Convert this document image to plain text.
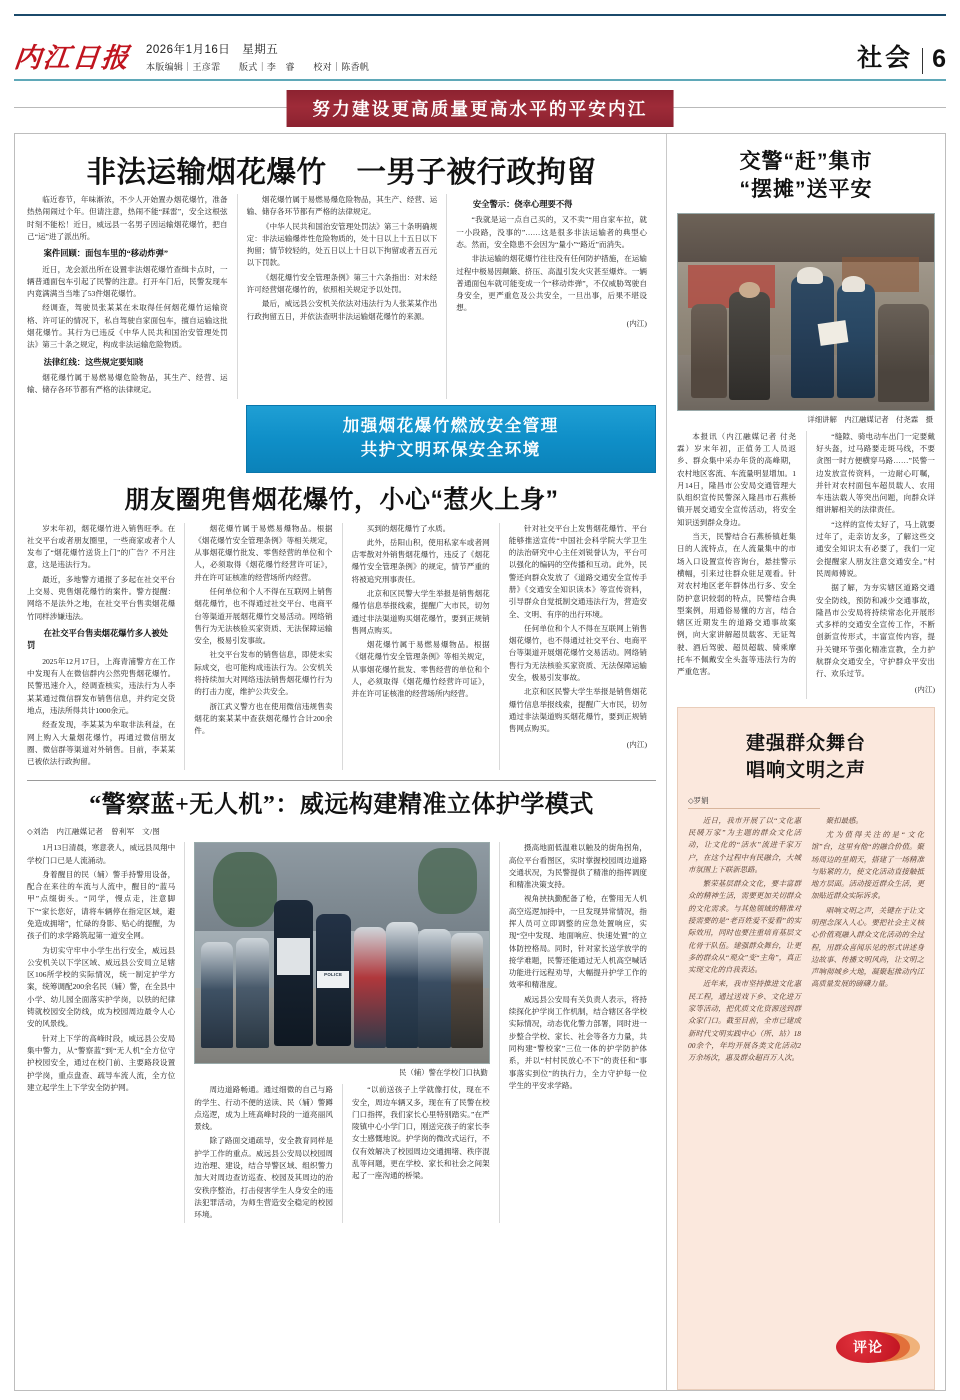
内江日报 2026年1月16日　星期五
本版编辑｜王彦霏　　版式｜李　睿　　校对｜陈香帆	社会 6
努力建设更高质量更高水平的平安内江
非法运输烟花爆竹　一男子被行政拘留

临近春节，年味渐浓，不少人开始置办烟花爆竹，准备热热闹闹过个年。但请注意，热闹不能“踩雷”，安全这根弦时刻不能松！近日，威远县一名男子因运输烟花爆竹，把自己“运”进了派出所。

案件回顾：面包车里的“移动炸弹”

近日，龙会派出所在设置非法烟花爆竹查缉卡点时，一辆普通面包车引起了民警的注意。打开车门后，民警发现车内竟满满当当堆了53件烟花爆竹。

经调查，驾驶员张某某在未取得任何烟花爆竹运输资格、许可证的情况下，私自驾驶自家面包车，擅自运输这批烟花爆竹。其行为已违反《中华人民共和国治安管理处罚法》第三十条之规定，构成非法运输危险物质。

法律红线：这些规定要知晓

烟花爆竹属于易燃易爆危险物品，其生产、经营、运输、储存各环节都有严格的法律规定。

烟花爆竹属于易燃易爆危险物品，其生产、经营、运输、储存各环节都有严格的法律规定。

《中华人民共和国治安管理处罚法》第三十条明确规定：非法运输爆炸性危险物质的，处十日以上十五日以下拘留；情节较轻的，处五日以上十日以下拘留或者五百元以下罚款。

《烟花爆竹安全管理条例》第三十六条指出：对未经许可经营烟花爆竹的，依照相关规定予以处罚。

最后，威远县公安机关依法对违法行为人张某某作出行政拘留五日，并依法查明非法运输烟花爆竹的来源。

安全警示：侥幸心理要不得

“我就是运一点自己买的，又不卖”“用自家车拉，就一小段路，没事的”……这是很多非法运输者的典型心态。然而，安全隐患不会因为“量小”“路近”而消失。

非法运输的烟花爆竹往往没有任何防护措施，在运输过程中极易因颠簸、挤压、高温引发火灾甚至爆炸。一辆普通面包车就可能变成一个“移动炸弹”，不仅威胁驾驶自身安全，更严重危及公共安全，一旦出事，后果不堪设想。

(内江)

加强烟花爆竹燃放安全管理
共护文明环保安全环境
朋友圈兜售烟花爆竹，小心“惹火上身”

岁末年初，烟花爆竹进入销售旺季。在社交平台或者朋友圈里，一些商家或者个人发布了“烟花爆竹送货上门”的广告？不月注意，这是违法行为。

最近，多地警方通报了多起在社交平台上交易、兜售烟花爆竹的案件。警方提醒：网络不是法外之地，在社交平台售卖烟花爆竹同样涉嫌违法。

在社交平台售卖烟花爆竹多人被处罚

2025年12月17日，上海青浦警方在工作中发现有人在微信群内公然兜售烟花爆竹。民警迅速介入，经调查核实，违法行为人李某某通过微信群发布销售信息，并约定交货地点，违法所得共计1000余元。

经查发现，李某某为牟取非法利益，在网上购入大量烟花爆竹，再通过微信朋友圈、微信群等渠道对外销售。目前，李某某已被依法行政拘留。

烟花爆竹属于易燃易爆物品。根据《烟花爆竹安全管理条例》等相关规定，从事烟花爆竹批发、零售经营的单位和个人，必须取得《烟花爆竹经营许可证》，并在许可证核准的经营场所内经营。

任何单位和个人不得在互联网上销售烟花爆竹，也不得通过社交平台、电商平台等渠道开展烟花爆竹交易活动。网络销售行为无法核验买家资质、无法保障运输安全，极易引发事故。

社交平台发布的销售信息，即使未实际成交，也可能构成违法行为。公安机关将持续加大对网络违法销售烟花爆竹行为的打击力度，维护公共安全。

浙江武义警方也在使用微信违规售卖烟花的案某某中查获烟花爆竹合计200余件。

买到的烟花爆竹了水质。

此外，岳阳山积，使用私家车或者网店零散对外销售烟花爆竹，违反了《烟花爆竹安全管理条例》的规定，情节严重的将被追究刑事责任。

北京和区民警大学生举报是销售烟花爆竹信息举报线索，提醒广大市民，切勿通过非法渠道购买烟花爆竹，要到正规销售网点购买。

烟花爆竹属于易燃易爆物品。根据《烟花爆竹安全管理条例》等相关规定，从事烟花爆竹批发、零售经营的单位和个人，必须取得《烟花爆竹经营许可证》，并在许可证核准的经营场所内经营。

针对社交平台上发售烟花爆竹、平台能够推送宣传“中国社会科学院大学卫生的法治研究中心主任刘锐誉认为，平台可以强化的编码的空传播和互动。此外，民警还向群众发放了《道路交通安全宣传手册》《交通安全知识读本》等宣传资料，引导群众自觉抵制交通违法行为，营造安全、文明、有序的出行环境。

任何单位和个人不得在互联网上销售烟花爆竹，也不得通过社交平台、电商平台等渠道开展烟花爆竹交易活动。网络销售行为无法核验买家资质、无法保障运输安全，极易引发事故。

北京和区民警大学生举报是销售烟花爆竹信息举报线索，提醒广大市民，切勿通过非法渠道购买烟花爆竹，要到正规销售网点购买。

(内江)

“警察蓝+无人机”：威远构建精准立体护学模式
◇刘浩　内江融媒记者　曾利军　文/图

1月13日清晨，寒意袭人，威远县凤翔中学校门口已是人流涌动。

身着醒目的民（辅）警手持警用设备，配合在来往的车流与人流中，醒目的“蓝马甲”点缀街头。“同学，慢点走，注意脚下”“家长您好，请将车辆停在指定区域，避免造成拥堵”，忙碌的身影、贴心的提醒，为孩子们的求学路筑起第一道安全网。

为切实守牢中小学生出行安全，威远县公安机关以下学区域、威远县公安局立足辖区106所学校的实际情况，统一制定护学方案，统筹调配200余名民（辅）警，在全县中小学、幼儿园全面落实护学岗，以铁的纪律铸就校园安全防线，成为校园周边最令人心安的风景线。

针对上下学的高峰时段，威远县公安局集中警力，从“警察蓝”到“无人机”全方位守护校园安全，通过在校门前、主要路段设置护学岗，重点盘查、疏导车流人流，全方位建立起学生上下学安全防护网。

POLICE
民（辅）警在学校门口执勤

周边道路畅通。通过细微的自己与路的学生、行动不便的送读、民（辅）警蹲点巡逻，成为上班高峰时段的一道亮丽风景线。

除了路面交通疏导，安全教育同样是护学工作的重点。威远县公安局以校园周边治理、建设，结合导警区域、组织警力加大对周边查访巡查、校园及其周边的治安秩序整治，打击侵害学生人身安全的违法犯罪活动，为师生营造安全稳定的校园环境。

“以前送孩子上学就像打仗，现在不安全，周边车辆又多，现在有了民警在校门口指挥，我们家长心里特别踏实。”在严陵镇中心小学门口，刚送完孩子的家长李女士感慨地说。护学岗的微改式运行，不仅有效解决了校园周边交通拥堵、秩序混乱等问题，更在学校、家长和社会之间架起了一座沟通的桥梁。

摄高地面低温难以触及的街角拐角，高位平台看图区，实时掌握校园周边道路交通状况，为民警提供了精准的指挥调度和精准决策支持。

视角挟执勤配备了枪，在警用无人机高空巡逻加持中，一旦发现异常情况，指挥人员可立即调整的应急处置响应，实现“空中发现、地面响应、快速处置”的立体防控格局。同时，针对家长送学放学的接学难题，民警还能通过无人机高空喊话功能进行远程劝导，大幅提升护学工作的效率和精准度。

威远县公安局有关负责人表示，将持续探化护学岗工作机制，结合辖区各学校实际情况，动态优化警力部署，同时进一步整合学校、家长、社会等各方力量，共同构建“警校家”三位一体的护学防护体系，并以“村村民放心不下”的责任和“事事落实到位”的执行力，全力守护每一位学生的平安求学路。

交警“赶”集市
“摆摊”送平安
详细讲解　内江融媒记者　付尧霖　摄

本报讯（内江融媒记者 付尧霖）岁末年初，正值务工人员返乡、群众集中采办年货的高峰期，农村地区客流、车流量明显增加。1月14日，隆昌市公安局交通管理大队组织宣传民警深入隆昌市石燕桥镇开展交通安全宣传活动，将安全知识送到群众身边。

当天，民警结合石燕桥镇赶集日的人流特点，在人流量集中的市场入口设置宣传咨询台，悬挂警示横幅，引来过往群众驻足观看。针对农村地区老年群体出行多、安全防护意识较弱的特点，民警结合典型案例，用通俗易懂的方言，结合辖区近期发生的道路交通事故案例，向大家讲解超员载客、无证驾驶、酒后驾驶、超员超载、骑乘摩托车不佩戴安全头盔等违法行为的严重危害。

“缝隙、骑电动车出门一定要戴好头盔，过马路要走斑马线，不要贪图一时方便横穿马路……”民警一边发放宣传资料，一边耐心叮嘱，并针对农村面包车超员载人、农用车违法载人等突出问题，向群众详细讲解相关的法律责任。

“这样的宣传太好了，马上就要过年了，走亲访友多，了解这些交通安全知识太有必要了，我们一定会提醒家人朋友注意交通安全。”村民周师傅说。

据了解，为夯实辖区道路交通安全防线，预防和减少交通事故，隆昌市公安局将持续常态化开展形式多样的交通安全宣传工作，不断创新宣传形式，丰富宣传内容，提升关键环节强化精准宣教，全力护航群众交通安全，守护群众平安出行、欢乐过节。

(内江)

建强群众舞台
唱响文明之声
◇罗娟

近日，我市开展了以“文化惠民暖万家”为主题的群众文化活动，让文化的“活水”流进千家万户，在这个过程中有民融合，大城市氛围上下联新思路。

繁荣基层群众文化，要丰富群众的精神生活，需要更加关切群众的文化需求。与其他领域的精准对接需要的是“老百姓爱不爱看”的实际效用，同时也要注重培育基层文化骨干队伍。建强群众舞台，让更多的群众从“观众”变“主角”，真正实现文化的自我表达。

近年来，我市坚持推进文化惠民工程，通过送戏下乡、文化进万家等活动，把优质文化资源送到群众家门口。截至目前，全市已建成新时代文明实践中心（所、站）1800余个，年均开展各类文化活动2万余场次，惠及群众超百万人次。

聚扣最感。

尤为值得关注的是“文化馆”台，这里有他“的融合价值。聚场周边的星期天，搭建了一场精准与贴紧的力，使文化活动直接触抵地方层面。活动接近群众生活，更加贴近群众实际诉求。

唱响文明之声，关键在于让文明理念深入人心。要把社会主义核心价值观融入群众文化活动的全过程，用群众喜闻乐见的形式讲述身边故事、传播文明风尚，让文明之声响彻城乡大地，凝聚起推动内江高质量发展的磅礴力量。

评论
